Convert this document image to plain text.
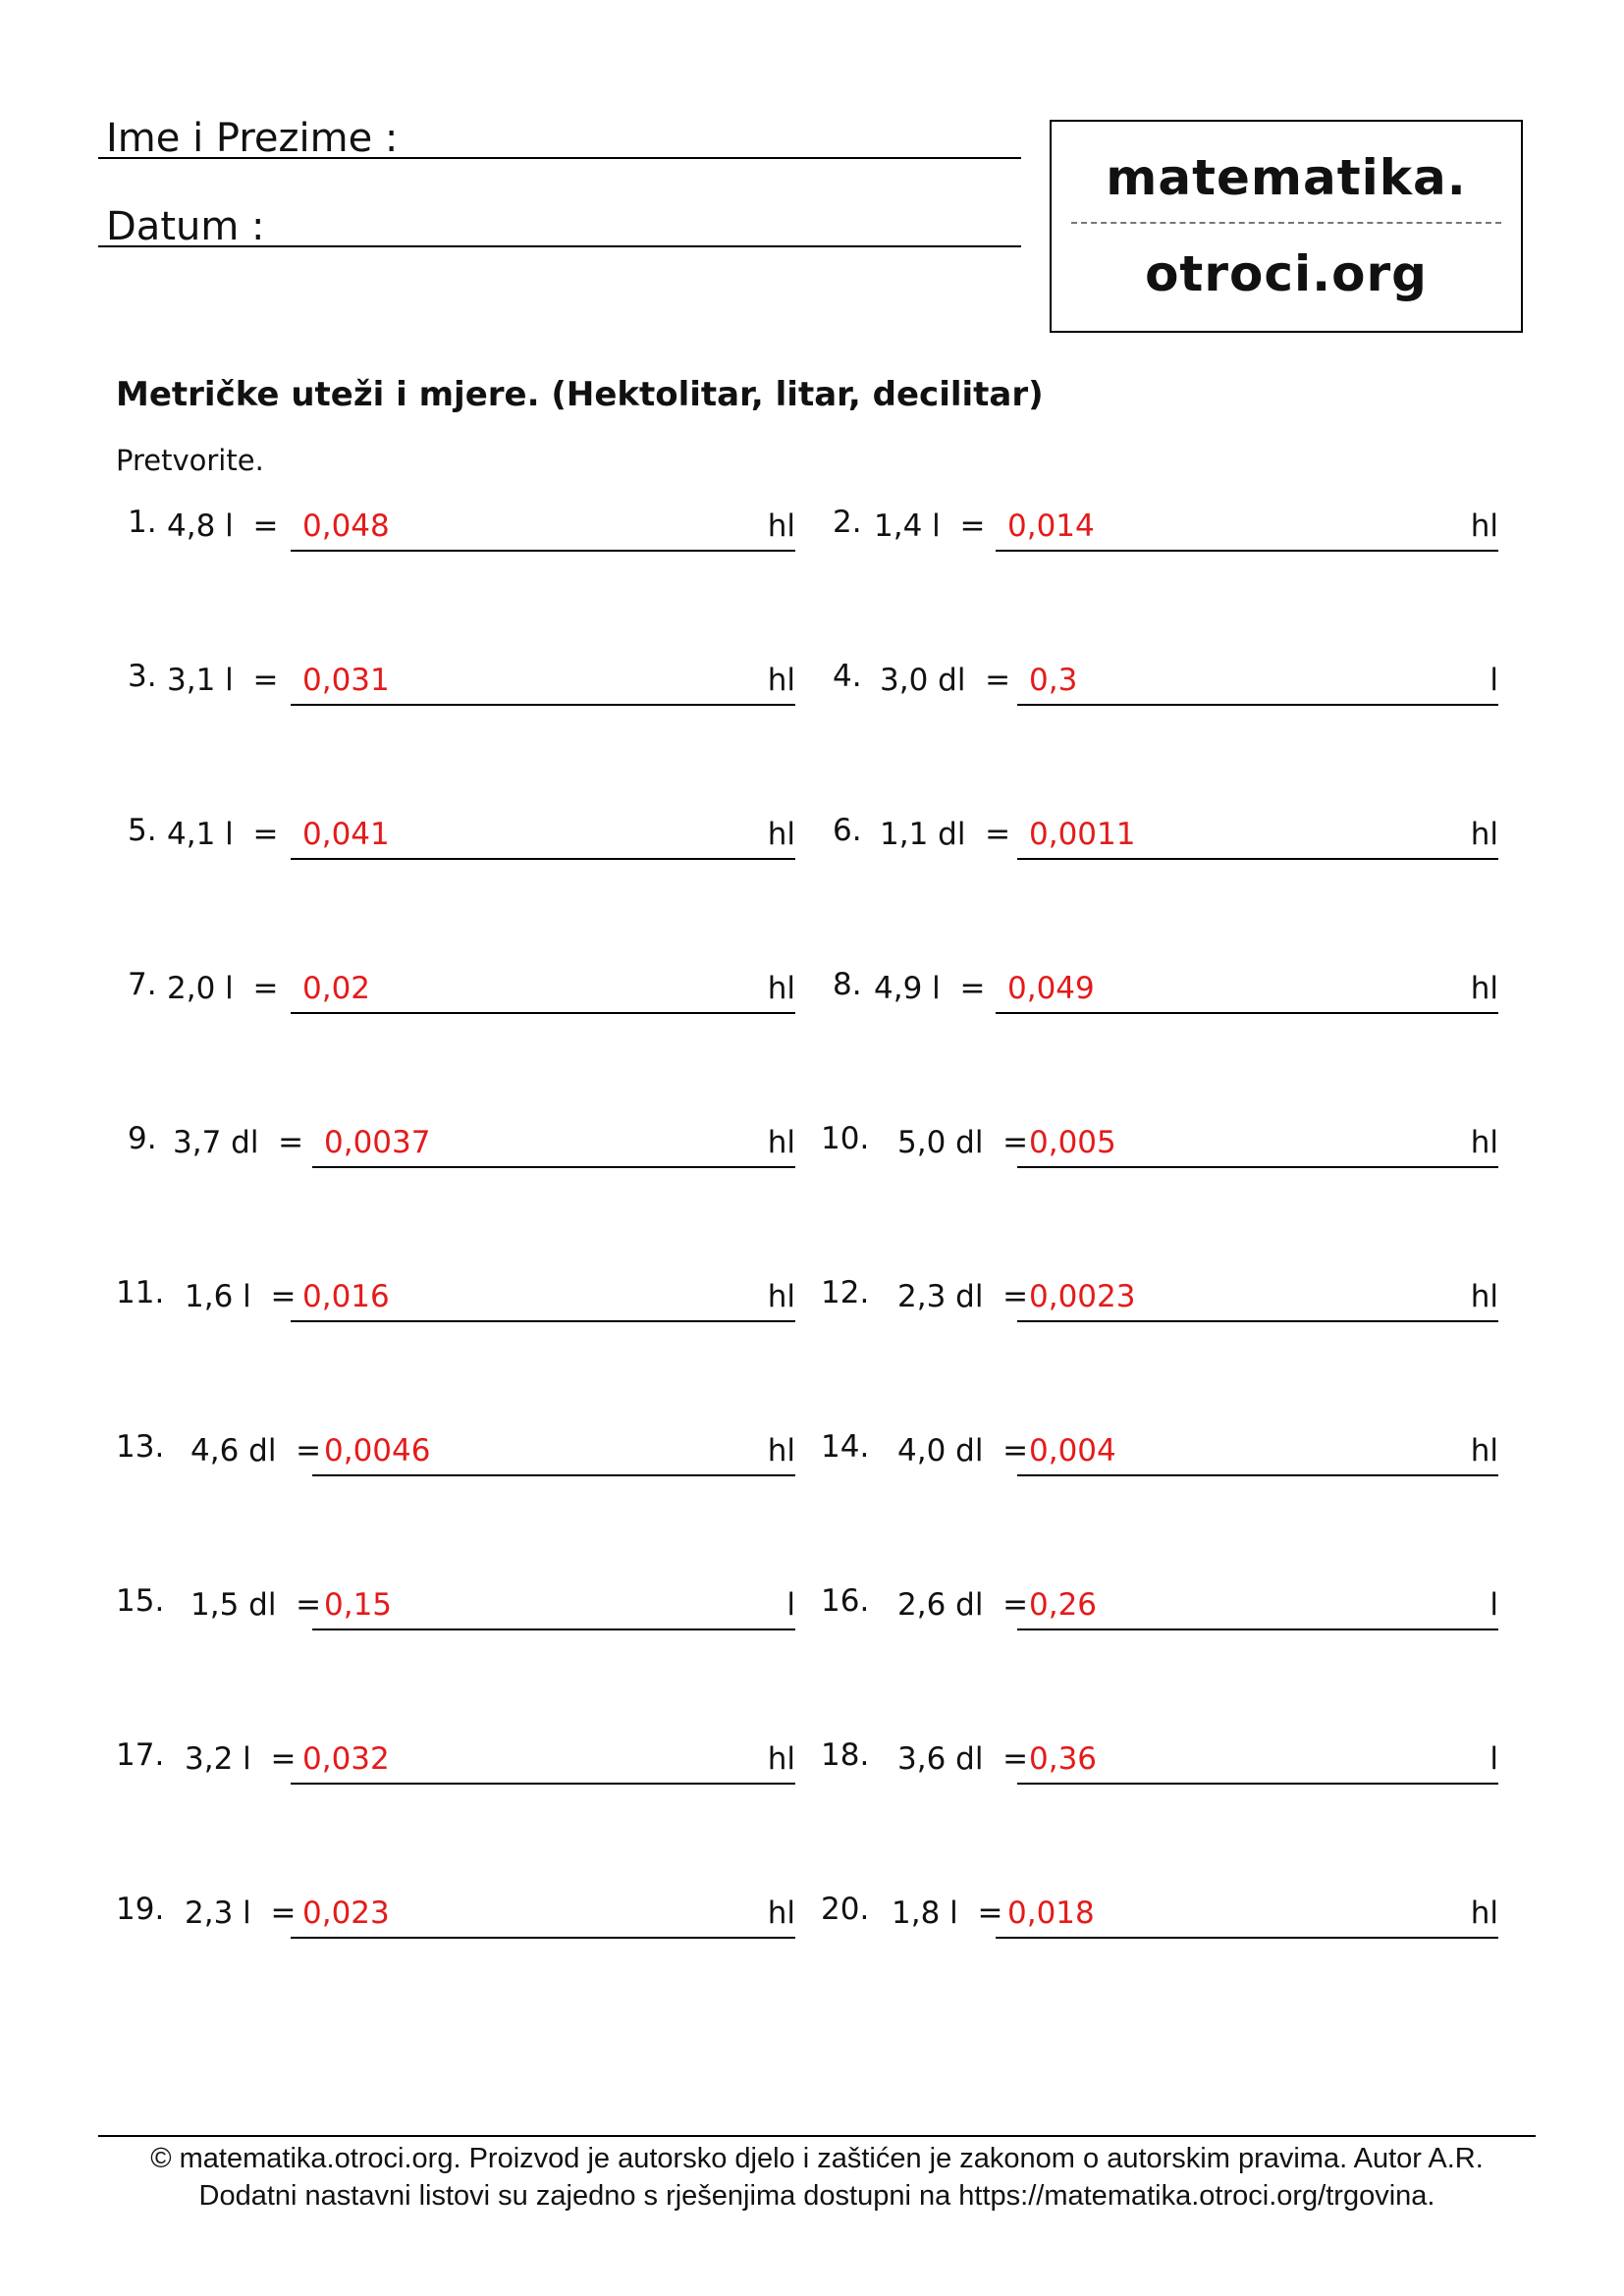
Ime i Prezime :
Datum :
matematika.
otroci.org
Metričke uteži i mjere. (Hektolitar, litar, decilitar)
Pretvorite.
1. 4,8 l  = 0,048	hl 2. 1,4 l  = 0,014	hl
3. 3,1 l  = 0,031	hl 4. 3,0 dl  = 0,3	l
5. 4,1 l  = 0,041	hl 6. 1,1 dl  = 0,0011	hl
7. 2,0 l  = 0,02	hl 8. 4,9 l  = 0,049	hl
9. 3,7 dl  = 0,0037	hl 10. 5,0 dl  = 0,005	hl
11. 1,6 l  = 0,016	hl 12. 2,3 dl  = 0,0023	hl
13. 4,6 dl  = 0,0046	hl 14. 4,0 dl  = 0,004	hl
15. 1,5 dl  = 0,15	l 16. 2,6 dl  = 0,26	l
17. 3,2 l  = 0,032	hl 18. 3,6 dl  = 0,36	l
19. 2,3 l  = 0,023	hl 20. 1,8 l  = 0,018	hl
© matematika.otroci.org. Proizvod je autorsko djelo i zaštićen je zakonom o autorskim pravima. Autor A.R.
Dodatni nastavni listovi su zajedno s rješenjima dostupni na https://matematika.otroci.org/trgovina.
